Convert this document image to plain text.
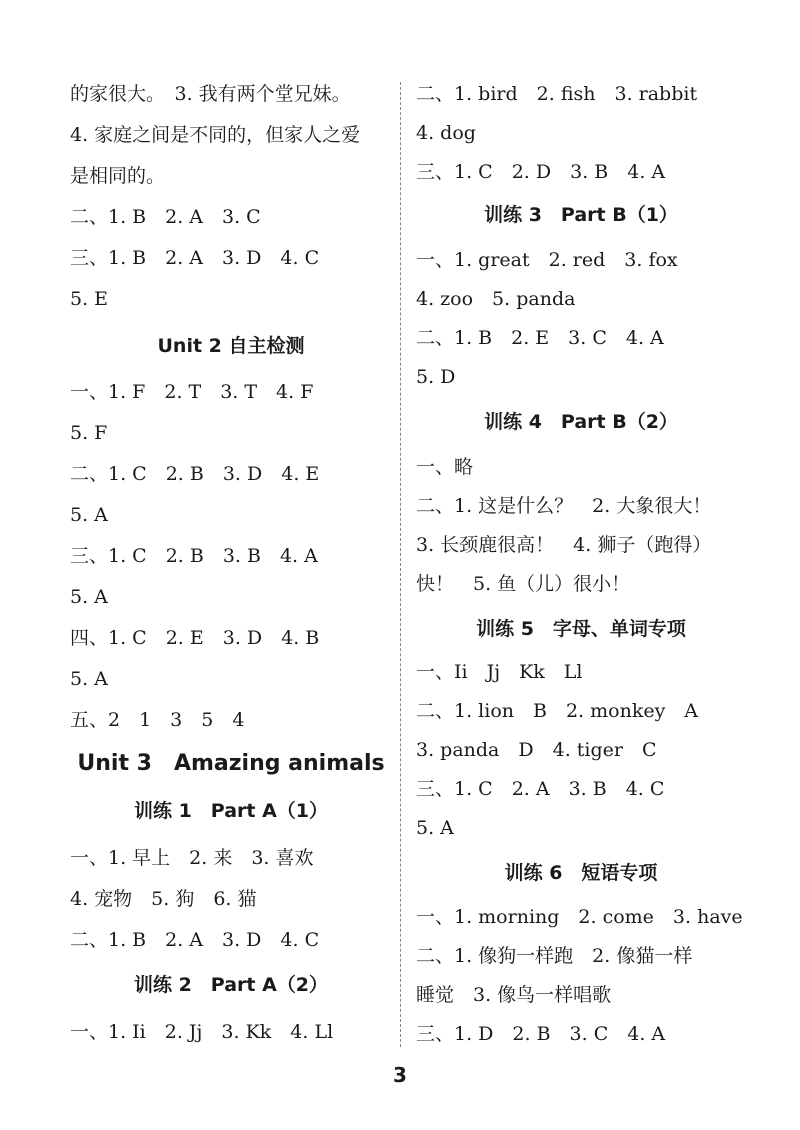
的家很大。　3. 我有两个堂兄妹。
4. 家庭之间是不同的，但家人之爱
是相同的。
二、1. B　2. A　3. C
三、1. B　2. A　3. D　4. C
5. E
Unit 2 自主检测
一、1. F　2. T　3. T　4. F
5. F
二、1. C　2. B　3. D　4. E
5. A
三、1. C　2. B　3. B　4. A
5. A
四、1. C　2. E　3. D　4. B
5. A
五、2　1　3　5　4
Unit 3　Amazing animals
训练 1　Part A（1）
一、1. 早上　2. 来　3. 喜欢
4. 宠物　5. 狗　6. 猫
二、1. B　2. A　3. D　4. C
训练 2　Part A（2）
一、1. Ii　2. Jj　3. Kk　4. Ll
二、1. bird　2. fish　3. rabbit
4. dog
三、1. C　2. D　3. B　4. A
训练 3　Part B（1）
一、1. great　2. red　3. fox
4. zoo　5. panda
二、1. B　2. E　3. C　4. A
5. D
训练 4　Part B（2）
一、略
二、1. 这是什么？　2. 大象很大！
3. 长颈鹿很高！　4. 狮子（跑得）
快！　5. 鱼（儿）很小！
训练 5　字母、单词专项
一、Ii　Jj　Kk　Ll
二、1. lion　B　2. monkey　A
3. panda　D　4. tiger　C
三、1. C　2. A　3. B　4. C
5. A
训练 6　短语专项
一、1. morning　2. come　3. have
二、1. 像狗一样跑　2. 像猫一样
睡觉　3. 像鸟一样唱歌
三、1. D　2. B　3. C　4. A
3
